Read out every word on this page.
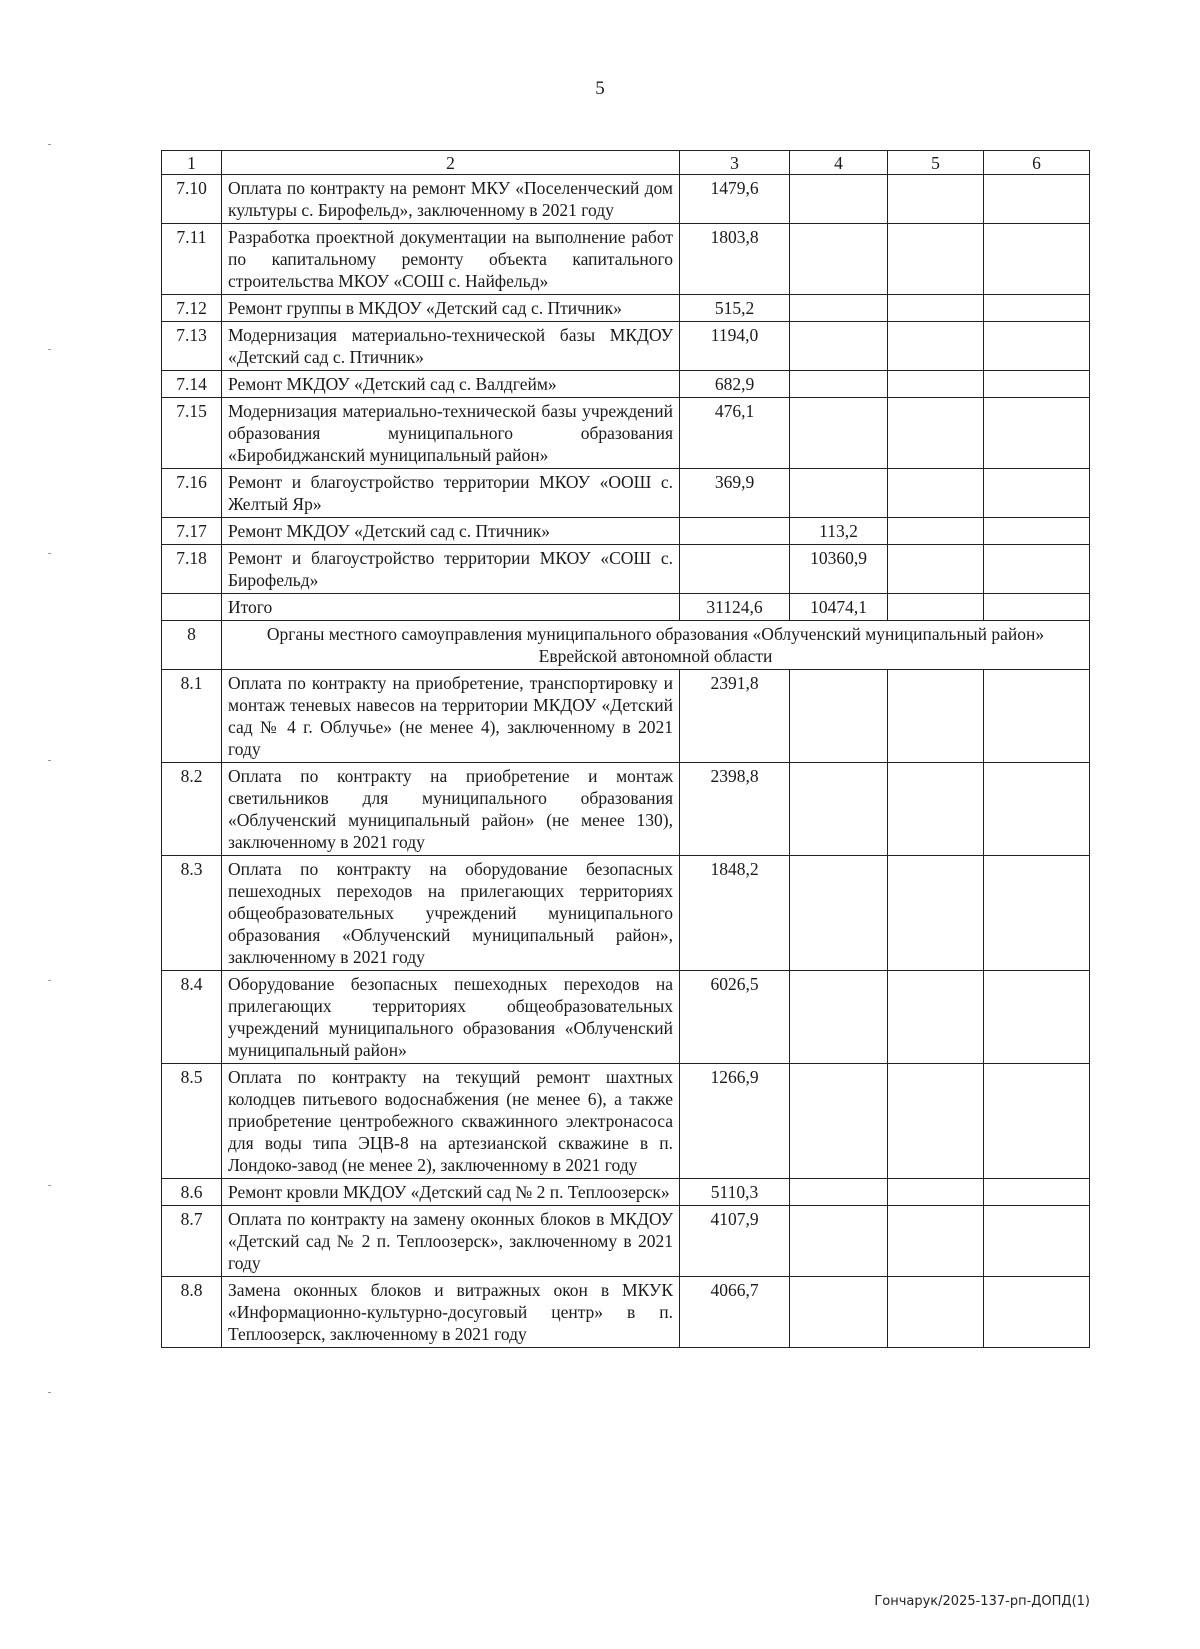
5
1	2	3	4	5	6
7.10	Оплата по контракту на ремонт МКУ «Поселенческий дом культуры с. Бирофельд», заключенному в 2021 году	1479,6			
7.11	Разработка проектной документации на выполнение работ по капитальному ремонту объекта капитального строительства МКОУ «СОШ с. Найфельд»	1803,8			
7.12	Ремонт группы в МКДОУ «Детский сад с. Птичник»	515,2			
7.13	Модернизация материально-технической базы МКДОУ «Детский сад с. Птичник»	1194,0			
7.14	Ремонт МКДОУ «Детский сад с. Валдгейм»	682,9			
7.15	Модернизация материально-технической базы учреждений образования муниципального образования «Биробиджанский муниципальный район»	476,1			
7.16	Ремонт и благоустройство территории МКОУ «ООШ с. Желтый Яр»	369,9			
7.17	Ремонт МКДОУ «Детский сад с. Птичник»		113,2		
7.18	Ремонт и благоустройство территории МКОУ «СОШ с. Бирофельд»		10360,9		
	Итого	31124,6	10474,1		
8	Органы местного самоуправления муниципального образования «Облученский муниципальный район» Еврейской автономной области				
8.1	Оплата по контракту на приобретение, транспортировку и монтаж теневых навесов на территории МКДОУ «Детский сад № 4 г. Облучье» (не менее 4), заключенному в 2021 году	2391,8			
8.2	Оплата по контракту на приобретение и монтаж светильников для муниципального образования «Облученский муниципальный район» (не менее 130), заключенному в 2021 году	2398,8			
8.3	Оплата по контракту на оборудование безопасных пешеходных переходов на прилегающих территориях общеобразовательных учреждений муниципального образования «Облученский муниципальный район», заключенному в 2021 году	1848,2			
8.4	Оборудование безопасных пешеходных переходов на прилегающих территориях общеобразовательных учреждений муниципального образования «Облученский муниципальный район»	6026,5			
8.5	Оплата по контракту на текущий ремонт шахтных колодцев питьевого водоснабжения (не менее 6), а также приобретение центробежного скважинного электронасоса для воды типа ЭЦВ-8 на артезианской скважине в п. Лондоко-завод (не менее 2), заключенному в 2021 году	1266,9			
8.6	Ремонт кровли МКДОУ «Детский сад № 2 п. Теплоозерск»	5110,3			
8.7	Оплата по контракту на замену оконных блоков в МКДОУ «Детский сад № 2 п. Теплоозерск», заключенному в 2021 году	4107,9			
8.8	Замена оконных блоков и витражных окон в МКУК «Информационно-культурно-досуговый центр» в п. Теплоозерск, заключенному в 2021 году	4066,7			
Гончарук/2025-137-рп-ДОПД(1)
